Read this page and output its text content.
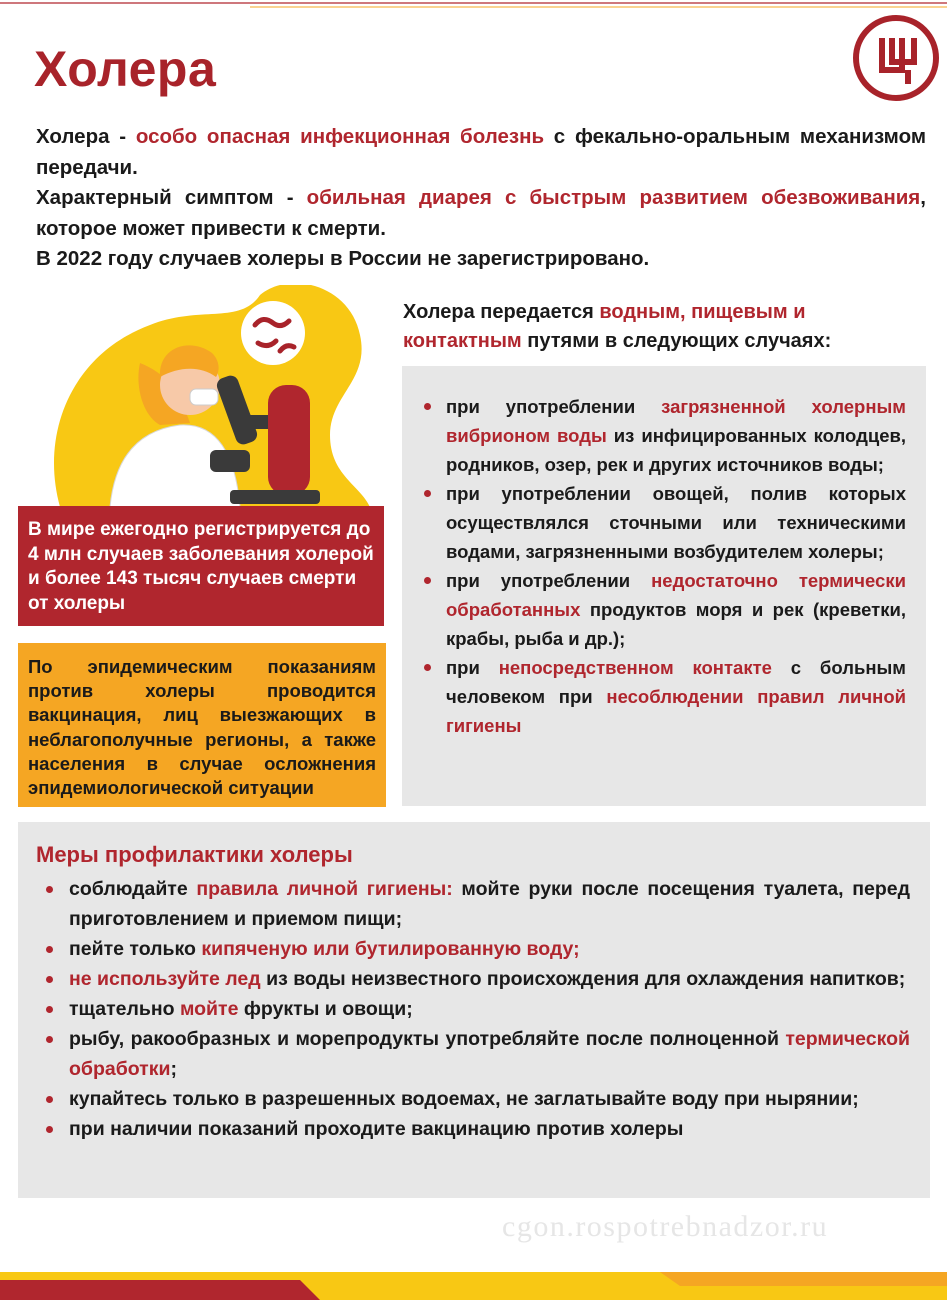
Холера

Холера - особо опасная инфекционная болезнь с фекально-оральным механизмом передачи.

Характерный симптом - обильная диарея с быстрым развитием обезвоживания, которое может привести к смерти.

В 2022 году случаев холеры в России не зарегистрировано.

В мире ежегодно регистрируется до 4 млн случаев заболевания холерой и более 143 тысяч случаев смерти от холеры
По эпидемическим показаниям против холеры проводится вакцинация, лиц выезжающих в неблагополучные регионы, а также населения в случае осложнения эпидемиологической ситуации
Холера передается водным, пищевым и контактным путями в следующих случаях:
при употреблении загрязненной холерным вибрионом воды из инфицированных колодцев, родников, озер, рек и других источников воды;
при употреблении овощей, полив которых осуществлялся сточными или техническими водами, загрязненными возбудителем холеры;
при употреблении недостаточно термически обработанных продуктов моря и рек (креветки, крабы, рыба и др.);
при непосредственном контакте с больным человеком при несоблюдении правил личной гигиены
Меры профилактики холеры
соблюдайте правила личной гигиены: мойте руки после посещения туалета, перед приготовлением и приемом пищи;
пейте только кипяченую или бутилированную воду;
не используйте лед из воды неизвестного происхождения для охлаждения напитков;
тщательно мойте фрукты и овощи;
рыбу, ракообразных и морепродукты употребляйте после полноценной термической обработки;
купайтесь только в разрешенных водоемах, не заглатывайте воду при нырянии;
при наличии показаний проходите вакцинацию против холеры
cgon.rospotrebnadzor.ru
